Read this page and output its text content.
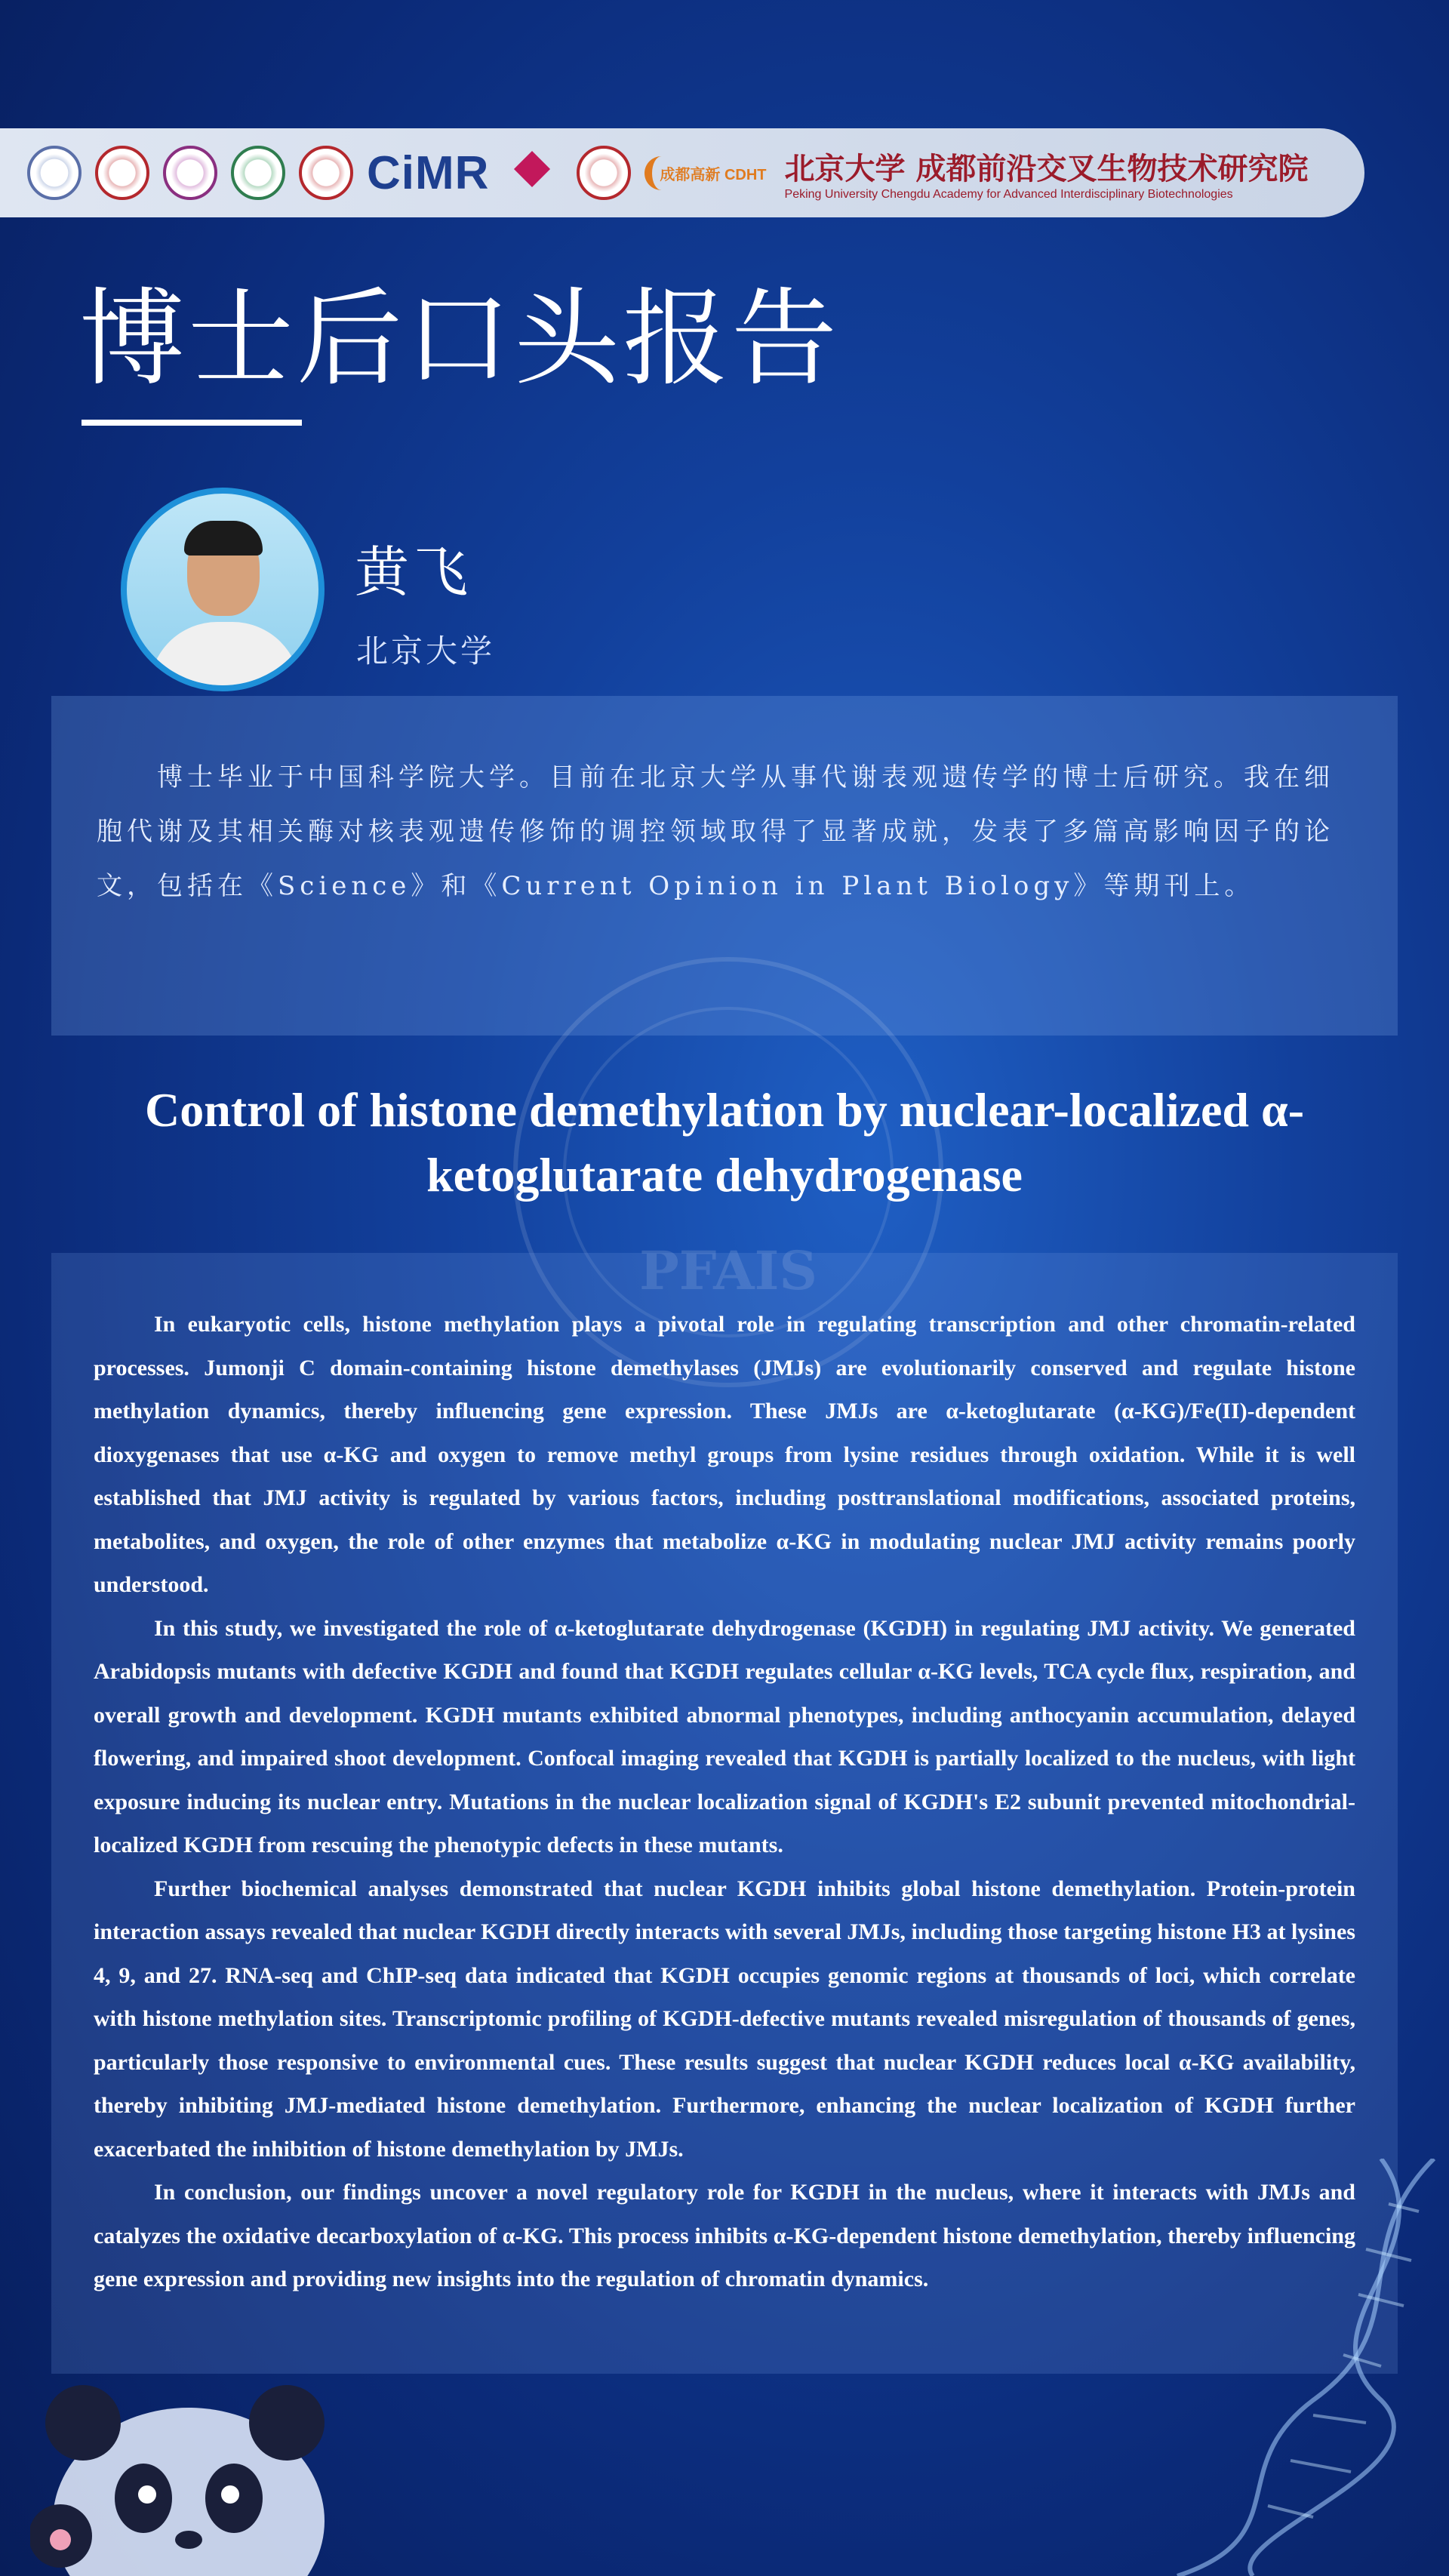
CiMR	成都高新 CDHT 北京大学 成都前沿交叉生物技术研究院
Peking University Chengdu Academy for Advanced Interdisciplinary Biotechnologies
博士后口头报告
黄飞
北京大学

博士毕业于中国科学院大学。目前在北京大学从事代谢表观遗传学的博士后研究。我在细胞代谢及其相关酶对核表观遗传修饰的调控领域取得了显著成就，发表了多篇高影响因子的论文，包括在《Science》和《Current Opinion in Plant Biology》等期刊上。

PFAIS
Control of histone demethylation by nuclear-localized α-ketoglutarate dehydrogenase

In eukaryotic cells, histone methylation plays a pivotal role in regulating transcription and other chromatin-related processes. Jumonji C domain-containing histone demethylases (JMJs) are evolutionarily conserved and regulate histone methylation dynamics, thereby influencing gene expression. These JMJs are α-ketoglutarate (α-KG)/Fe(II)-dependent dioxygenases that use α-KG and oxygen to remove methyl groups from lysine residues through oxidation. While it is well established that JMJ activity is regulated by various factors, including posttranslational modifications, associated proteins, metabolites, and oxygen, the role of other enzymes that metabolize α-KG in modulating nuclear JMJ activity remains poorly understood.

In this study, we investigated the role of α-ketoglutarate dehydrogenase (KGDH) in regulating JMJ activity. We generated Arabidopsis mutants with defective KGDH and found that KGDH regulates cellular α-KG levels, TCA cycle flux, respiration, and overall growth and development. KGDH mutants exhibited abnormal phenotypes, including anthocyanin accumulation, delayed flowering, and impaired shoot development. Confocal imaging revealed that KGDH is partially localized to the nucleus, with light exposure inducing its nuclear entry. Mutations in the nuclear localization signal of KGDH's E2 subunit prevented mitochondrial-localized KGDH from rescuing the phenotypic defects in these mutants.

Further biochemical analyses demonstrated that nuclear KGDH inhibits global histone demethylation. Protein-protein interaction assays revealed that nuclear KGDH directly interacts with several JMJs, including those targeting histone H3 at lysines 4, 9, and 27. RNA-seq and ChIP-seq data indicated that KGDH occupies genomic regions at thousands of loci, which correlate with histone methylation sites. Transcriptomic profiling of KGDH-defective mutants revealed misregulation of thousands of genes, particularly those responsive to environmental cues. These results suggest that nuclear KGDH reduces local α-KG availability, thereby inhibiting JMJ-mediated histone demethylation. Furthermore, enhancing the nuclear localization of KGDH further exacerbated the inhibition of histone demethylation by JMJs.

In conclusion, our findings uncover a novel regulatory role for KGDH in the nucleus, where it interacts with JMJs and catalyzes the oxidative decarboxylation of α-KG. This process inhibits α-KG-dependent histone demethylation, thereby influencing gene expression and providing new insights into the regulation of chromatin dynamics.
